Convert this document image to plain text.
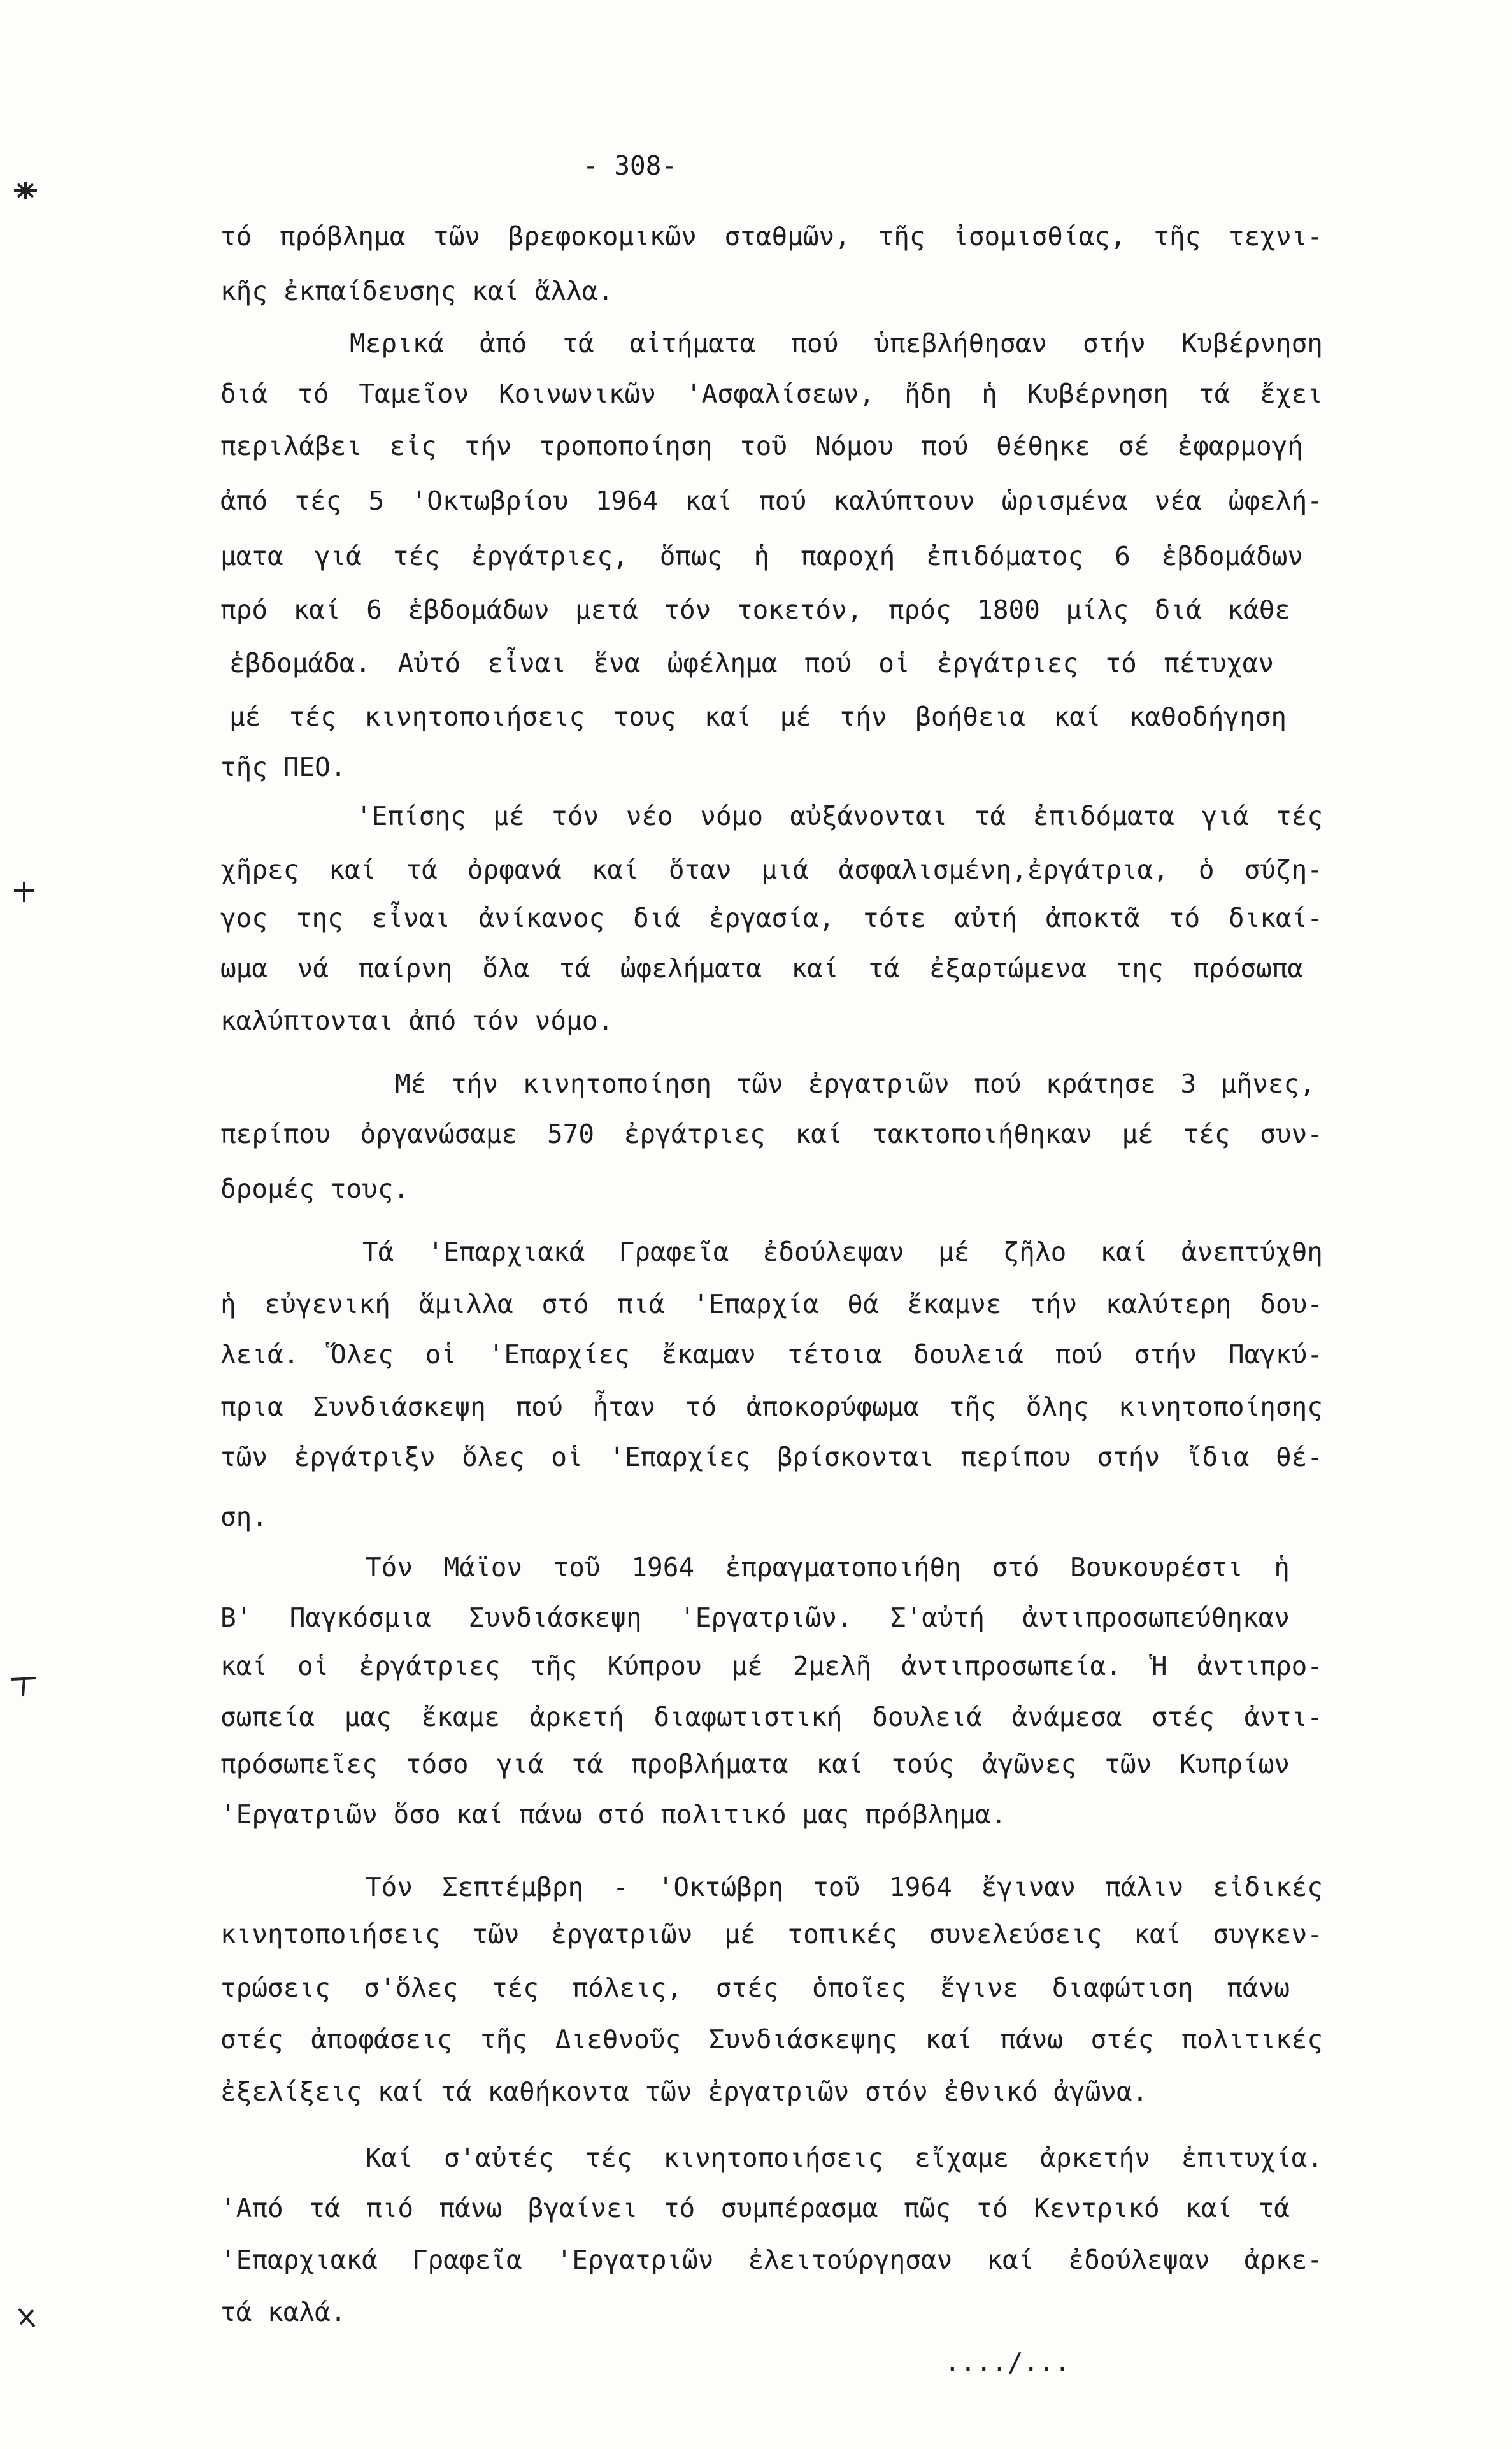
- 308-
τό πρόβλημα τῶν βρεφοκομικῶν σταθμῶν, τῆς ἰσομισθίας, τῆς τεχνι-
κῆς ἐκπαίδευσης καί ἄλλα.
Μερικά ἀπό τά αἰτήματα πού ὑπεβλήθησαν στήν Κυβέρνηση
διά τό Ταμεῖον Κοινωνικῶν 'Ασφαλίσεων, ἤδη ἡ Κυβέρνηση τά ἔχει
περιλάβει εἰς τήν τροποποίηση τοῦ Νόμου πού θέθηκε σέ ἐφαρμογή
ἀπό τές 5 'Οκτωβρίου 1964 καί πού καλύπτουν ὡρισμένα νέα ὠφελή-
ματα γιά τές ἐργάτριες, ὅπως ἡ παροχή ἐπιδόματος 6 ἑβδομάδων
πρό καί 6 ἑβδομάδων μετά τόν τοκετόν, πρός 1800 μίλς διά κάθε
ἑβδομάδα. Αὐτό εἶναι ἕνα ὠφέλημα πού οἱ ἐργάτριες τό πέτυχαν
μέ τές κινητοποιήσεις τους καί μέ τήν βοήθεια καί καθοδήγηση
τῆς ΠΕΟ.
'Επίσης μέ τόν νέο νόμο αὐξάνονται τά ἐπιδόματα γιά τές
χῆρες καί τά ὀρφανά καί ὅταν μιά ἀσφαλισμένη,ἐργάτρια, ὁ σύζη-
γος της εἶναι ἀνίκανος διά ἐργασία, τότε αὐτή ἀποκτᾶ τό δικαί-
ωμα νά παίρνη ὅλα τά ὠφελήματα καί τά ἐξαρτώμενα της πρόσωπα
καλύπτονται ἀπό τόν νόμο.
Μέ τήν κινητοποίηση τῶν ἐργατριῶν πού κράτησε 3 μῆνες,
περίπου ὀργανώσαμε 570 ἐργάτριες καί τακτοποιήθηκαν μέ τές συν-
δρομές τους.
Τά 'Επαρχιακά Γραφεῖα ἐδούλεψαν μέ ζῆλο καί ἀνεπτύχθη
ἡ εὐγενική ἅμιλλα στό πιά 'Επαρχία θά ἔκαμνε τήν καλύτερη δου-
λειά. Ὅλες οἱ 'Επαρχίες ἔκαμαν τέτοια δουλειά πού στήν Παγκύ-
πρια Συνδιάσκεψη πού ἦταν τό ἀποκορύφωμα τῆς ὅλης κινητοποίησης
τῶν ἐργάτριξν ὅλες οἱ 'Επαρχίες βρίσκονται περίπου στήν ἴδια θέ-
ση.
Τόν Μάϊον τοῦ 1964 ἐπραγματοποιήθη στό Βουκουρέστι ἡ
Β' Παγκόσμια Συνδιάσκεψη 'Εργατριῶν. Σ'αὐτή ἀντιπροσωπεύθηκαν
καί οἱ ἐργάτριες τῆς Κύπρου μέ 2μελῆ ἀντιπροσωπεία. Ἡ ἀντιπρο-
σωπεία μας ἔκαμε ἀρκετή διαφωτιστική δουλειά ἀνάμεσα στές ἀντι-
πρόσωπεῖες τόσο γιά τά προβλήματα καί τούς ἀγῶνες τῶν Κυπρίων
'Εργατριῶν ὅσο καί πάνω στό πολιτικό μας πρόβλημα.
Τόν Σεπτέμβρη - 'Οκτώβρη τοῦ 1964 ἔγιναν πάλιν εἰδικές
κινητοποιήσεις τῶν ἐργατριῶν μέ τοπικές συνελεύσεις καί συγκεν-
τρώσεις σ'ὅλες τές πόλεις, στές ὁποῖες ἔγινε διαφώτιση πάνω
στές ἀποφάσεις τῆς Διεθνοῦς Συνδιάσκεψης καί πάνω στές πολιτικές
ἐξελίξεις καί τά καθήκοντα τῶν ἐργατριῶν στόν ἐθνικό ἀγῶνα.
Καί σ'αὐτές τές κινητοποιήσεις εἴχαμε ἀρκετήν ἐπιτυχία.
'Από τά πιό πάνω βγαίνει τό συμπέρασμα πῶς τό Κεντρικό καί τά
'Επαρχιακά Γραφεῖα 'Εργατριῶν ἐλειτούργησαν καί ἐδούλεψαν ἀρκε-
τά καλά.
..../...
